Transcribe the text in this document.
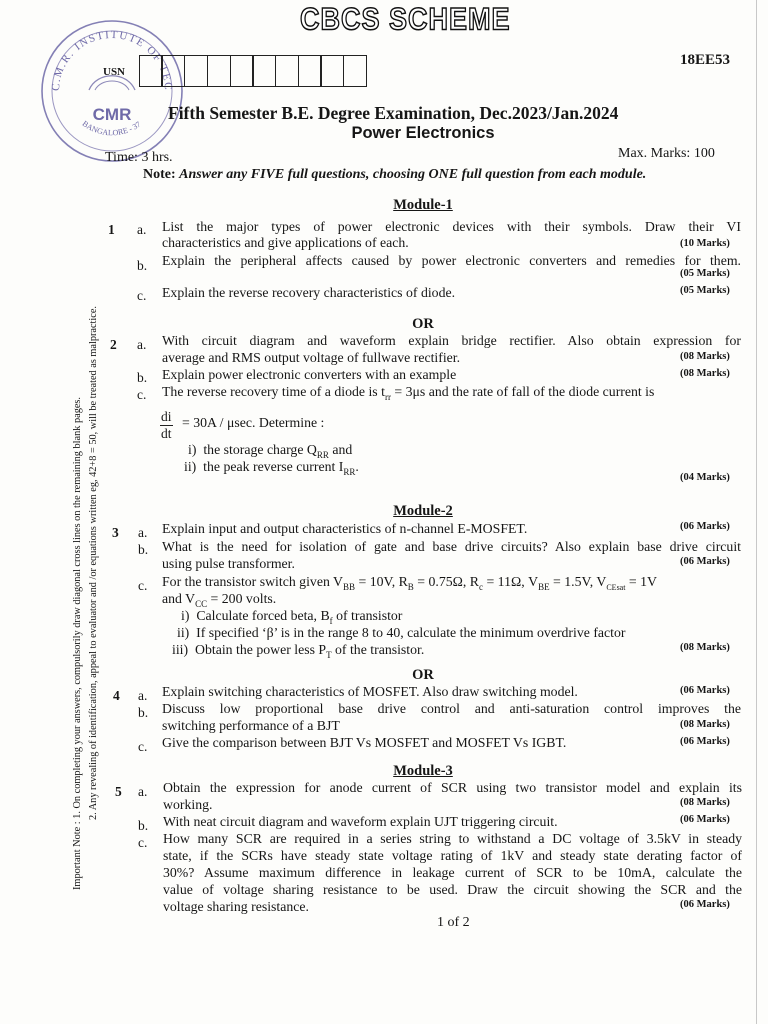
C.M.R. INSTITUTE OF TEC
BANGALORE - 37
CMR
CBCS SCHEME
18EE53
USN
Fifth Semester B.E. Degree Examination, Dec.2023/Jan.2024
Power Electronics
Time: 3 hrs.	Max. Marks: 100
Note: Answer any FIVE full questions, choosing ONE full question from each module.
Important Note : 1. On completing your answers, compulsorily draw diagonal cross lines on the remaining blank pages. 2. Any revealing of identification, appeal to evaluator and /or equations written eg, 42+8 = 50, will be treated as malpractice.
Module-1
1 a. List the major types of power electronic devices with their symbols. Draw their VI
characteristics and give applications of each.	(10 Marks)
b. Explain the peripheral affects caused by power electronic converters and remedies for them.
(05 Marks)
c. Explain the reverse recovery characteristics of diode.	(05 Marks)
OR
2 a. With circuit diagram and waveform explain bridge rectifier. Also obtain expression for
average and RMS output voltage of fullwave rectifier.	(08 Marks)
b. Explain power electronic converters with an example	(08 Marks)
c. The reverse recovery time of a diode is $t_{rr} = 3\mu s$ and the rate of fall of the diode current is
$\frac{di}{dt} = 30A / \mu\sec$. Determine :
i) the storage charge $Q_{RR}$ and
ii) the peak reverse current $I_{RR}$.
(04 Marks)
Module-2
3 a. Explain input and output characteristics of n-channel E-MOSFET.	(06 Marks)
b. What is the need for isolation of gate and base drive circuits? Also explain base drive circuit
using pulse transformer.	(06 Marks)
c. For the transistor switch given $V_{BB} = 10V$, $R_B = 0.75\Omega$, $R_c = 11\Omega$, $V_{BE} = 1.5V$, $V_{CEsat} = 1V$
and $V_{CC} = 200$ volts.
i) Calculate forced beta, $B_f$ of transistor
ii) If specified ‘β’ is in the range 8 to 40, calculate the minimum overdrive factor
iii) Obtain the power less $P_T$ of the transistor.	(08 Marks)
OR
4 a. Explain switching characteristics of MOSFET. Also draw switching model.	(06 Marks)
b. Discuss low proportional base drive control and anti-saturation control improves the
switching performance of a BJT	(08 Marks)
c. Give the comparison between BJT Vs MOSFET and MOSFET Vs IGBT.	(06 Marks)
Module-3
5 a. Obtain the expression for anode current of SCR using two transistor model and explain its
working.	(08 Marks)
b. With neat circuit diagram and waveform explain UJT triggering circuit.	(06 Marks)
c. How many SCR are required in a series string to withstand a DC voltage of 3.5kV in steady
state, if the SCRs have steady state voltage rating of 1kV and steady state derating factor of
30%? Assume maximum difference in leakage current of SCR to be 10mA, calculate the
value of voltage sharing resistance to be used. Draw the circuit showing the SCR and the
voltage sharing resistance.	(06 Marks)
1 of 2
